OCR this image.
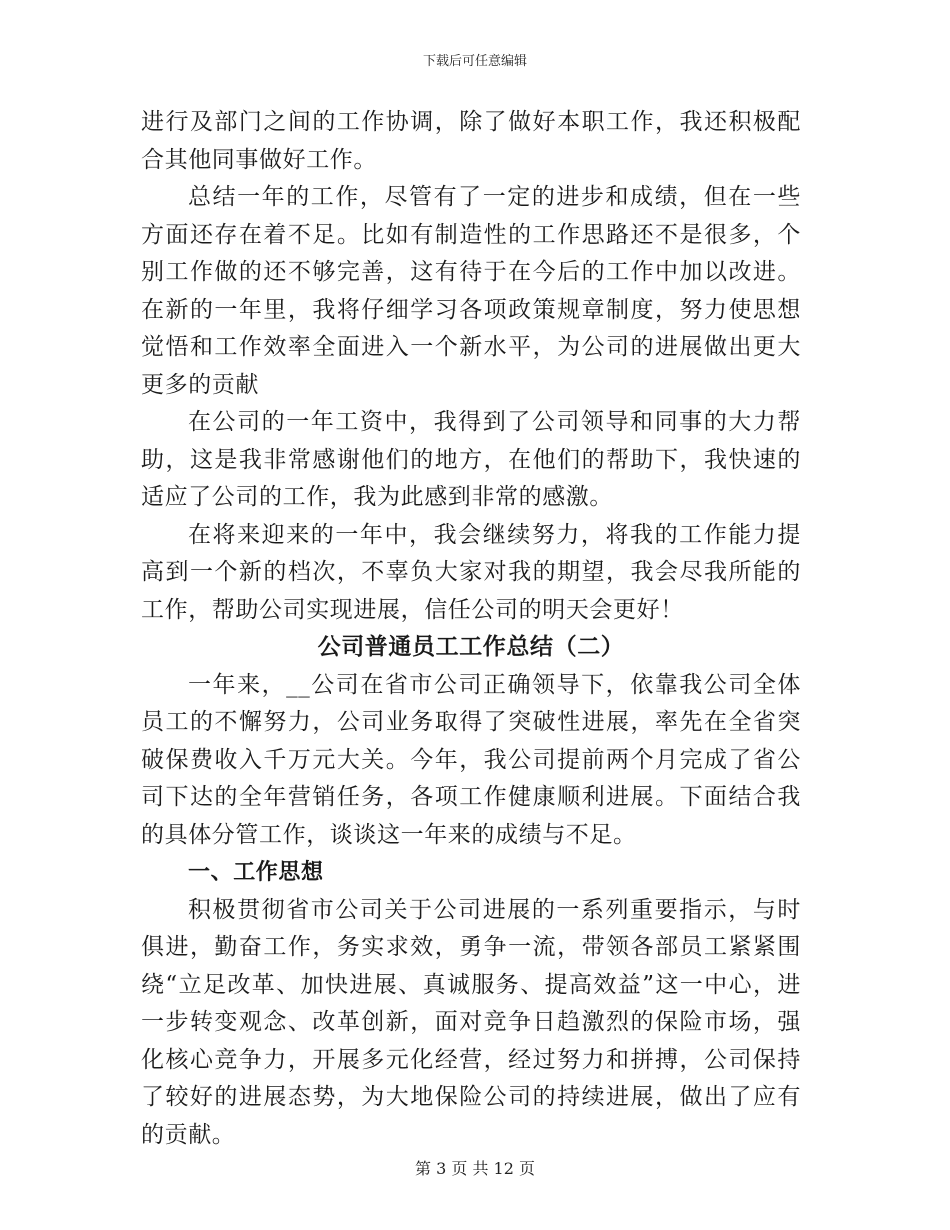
下载后可任意编辑

进行及部门之间的工作协调，除了做好本职工作，我还积极配合其他同事做好工作。

总结一年的工作，尽管有了一定的进步和成绩，但在一些方面还存在着不足。比如有制造性的工作思路还不是很多，个别工作做的还不够完善，这有待于在今后的工作中加以改进。在新的一年里，我将仔细学习各项政策规章制度，努力使思想觉悟和工作效率全面进入一个新水平，为公司的进展做出更大更多的贡献

在公司的一年工资中，我得到了公司领导和同事的大力帮助，这是我非常感谢他们的地方，在他们的帮助下，我快速的适应了公司的工作，我为此感到非常的感激。

在将来迎来的一年中，我会继续努力，将我的工作能力提高到一个新的档次，不辜负大家对我的期望，我会尽我所能的工作，帮助公司实现进展，信任公司的明天会更好！

公司普通员工工作总结（二）

一年来，__公司在省市公司正确领导下，依靠我公司全体员工的不懈努力，公司业务取得了突破性进展，率先在全省突破保费收入千万元大关。今年，我公司提前两个月完成了省公司下达的全年营销任务，各项工作健康顺利进展。下面结合我的具体分管工作，谈谈这一年来的成绩与不足。

一、工作思想

积极贯彻省市公司关于公司进展的一系列重要指示，与时俱进，勤奋工作，务实求效，勇争一流，带领各部员工紧紧围绕“立足改革、加快进展、真诚服务、提高效益”这一中心，进一步转变观念、改革创新，面对竞争日趋激烈的保险市场，强化核心竞争力，开展多元化经营，经过努力和拼搏，公司保持了较好的进展态势，为大地保险公司的持续进展，做出了应有的贡献。

第 3 页 共 12 页
